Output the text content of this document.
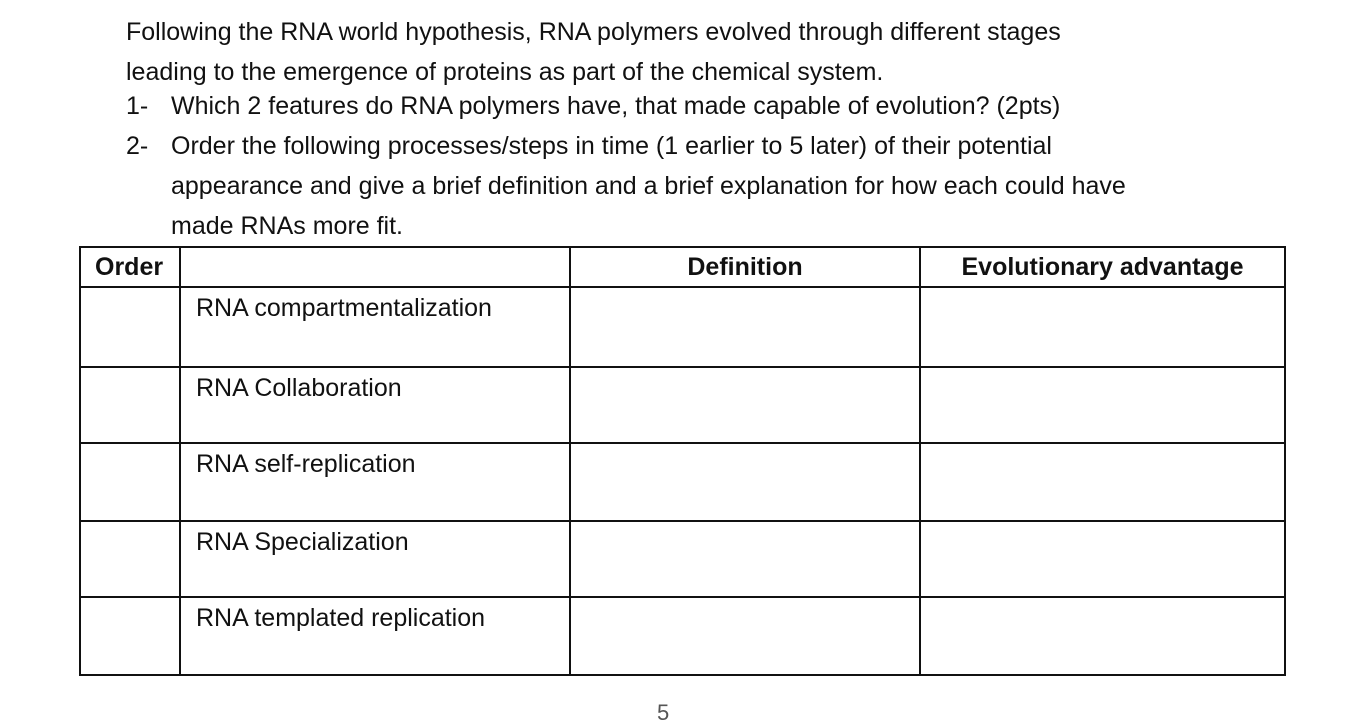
Following the RNA world hypothesis, RNA polymers evolved through different stages
leading to the emergence of proteins as part of the chemical system.
1- Which 2 features do RNA polymers have, that made capable of evolution? (2pts)
2- Order the following processes/steps in time (1 earlier to 5 later) of their potential
appearance and give a brief definition and a brief explanation for how each could have
made RNAs more fit.
Order		Definition	Evolutionary advantage
	RNA compartmentalization		
	RNA Collaboration		
	RNA self-replication		
	RNA Specialization		
	RNA templated replication		
5
